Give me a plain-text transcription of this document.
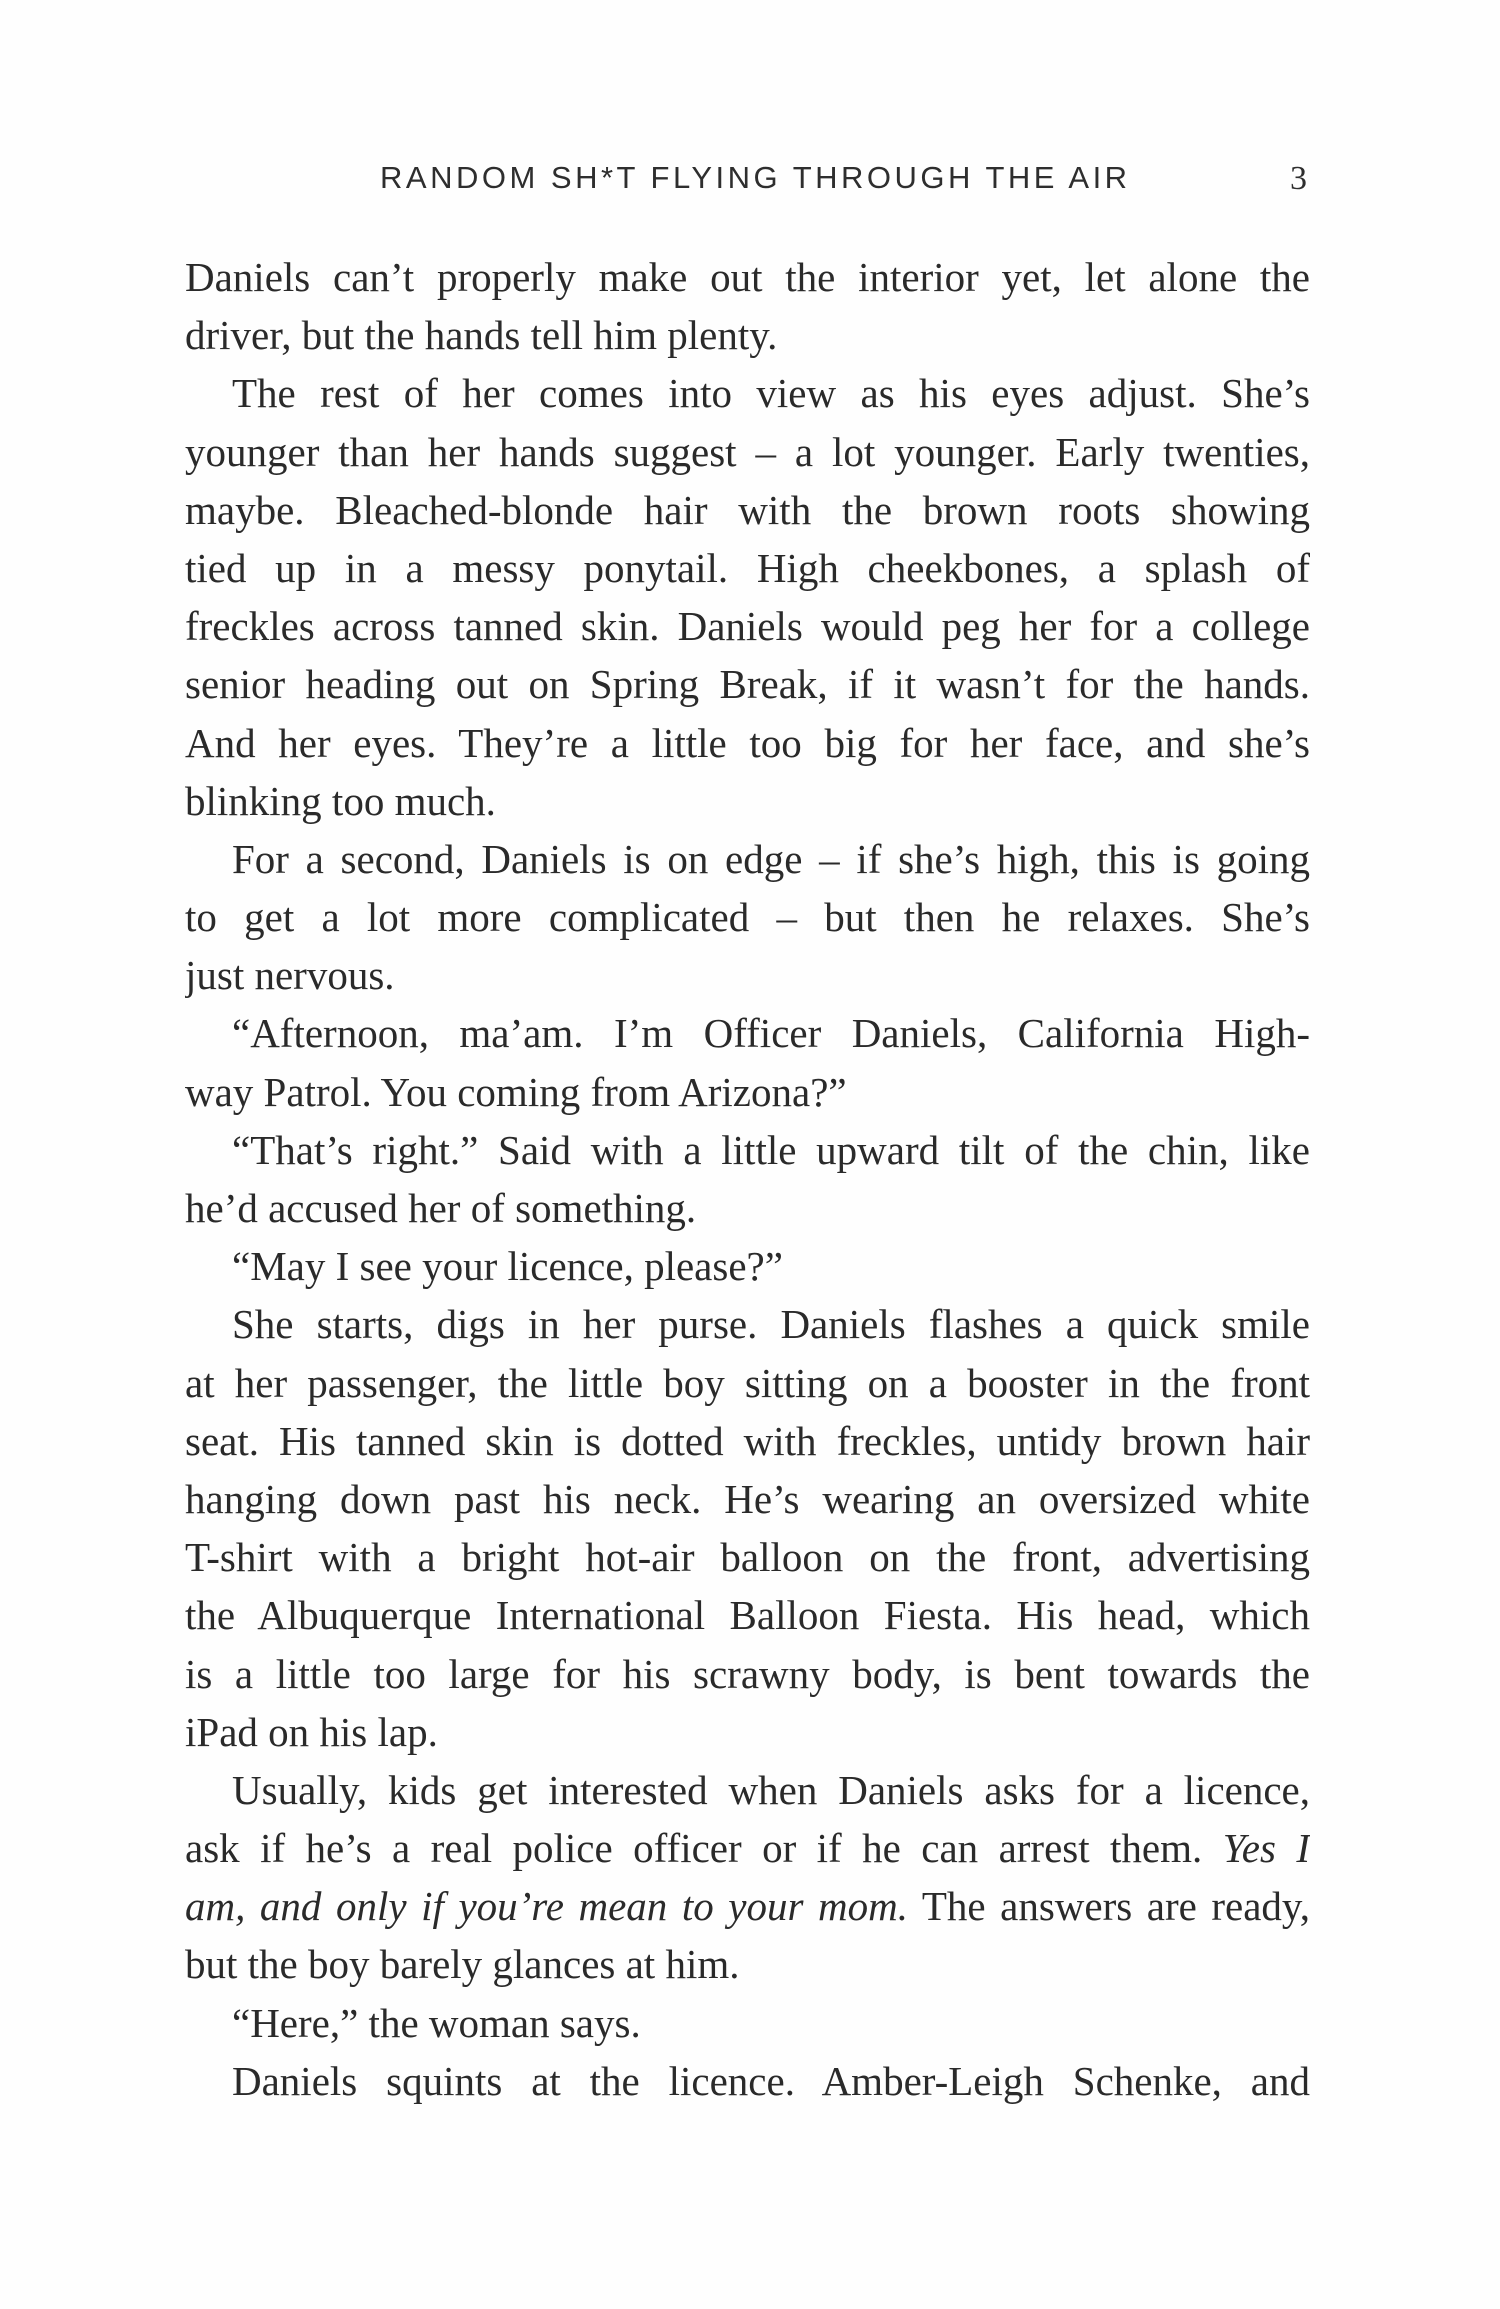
RANDOM SH*T FLYING THROUGH THE AIR	3
Daniels can’t properly make out the interior yet, let alone the
driver, but the hands tell him plenty.
The rest of her comes into view as his eyes adjust. She’s
younger than her hands suggest – a lot younger. Early twenties,
maybe. Bleached-blonde hair with the brown roots showing
tied up in a messy ponytail. High cheekbones, a splash of
freckles across tanned skin. Daniels would peg her for a college
senior heading out on Spring Break, if it wasn’t for the hands.
And her eyes. They’re a little too big for her face, and she’s
blinking too much.
For a second, Daniels is on edge – if she’s high, this is going
to get a lot more complicated – but then he relaxes. She’s
just nervous.
“Afternoon, ma’am. I’m Officer Daniels, California High-
way Patrol. You coming from Arizona?”
“That’s right.” Said with a little upward tilt of the chin, like
he’d accused her of something.
“May I see your licence, please?”
She starts, digs in her purse. Daniels flashes a quick smile
at her passenger, the little boy sitting on a booster in the front
seat. His tanned skin is dotted with freckles, untidy brown hair
hanging down past his neck. He’s wearing an oversized white
T-shirt with a bright hot-air balloon on the front, advertising
the Albuquerque International Balloon Fiesta. His head, which
is a little too large for his scrawny body, is bent towards the
iPad on his lap.
Usually, kids get interested when Daniels asks for a licence,
ask if he’s a real police officer or if he can arrest them. Yes I
am, and only if you’re mean to your mom. The answers are ready,
but the boy barely glances at him.
“Here,” the woman says.
Daniels squints at the licence. Amber-Leigh Schenke, and
